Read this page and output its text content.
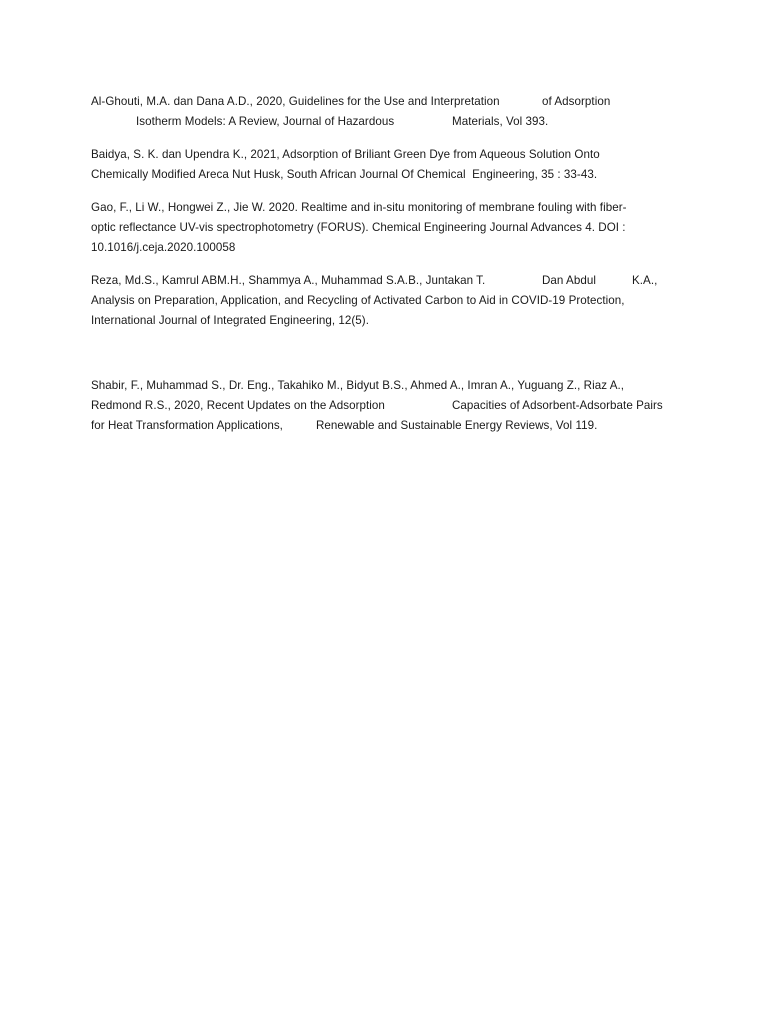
Al-Ghouti, M.A. dan Dana A.D., 2020, Guidelines for the Use and Interpretation

	of Adsorption

Isotherm Models: A Review, Journal of Hazardous

	Materials, Vol 393.

Baidya, S. K. dan Upendra K., 2021, Adsorption of Briliant Green Dye from Aqueous Solution Onto

Chemically Modified Areca Nut Husk, South African Journal Of Chemical  Engineering, 35 : 33-43.

Gao, F., Li W., Hongwei Z., Jie W. 2020. Realtime and in-situ monitoring of membrane fouling with fiber-

optic reflectance UV-vis spectrophotometry (FORUS). Chemical Engineering Journal Advances 4. DOI :

10.1016/j.ceja.2020.100058

Reza, Md.S., Kamrul ABM.H., Shammya A., Muhammad S.A.B., Juntakan T.

	Dan Abdul

	K.A.,

Analysis on Preparation, Application, and Recycling of Activated Carbon to Aid in COVID-19 Protection,

International Journal of Integrated Engineering, 12(5).

Shabir, F., Muhammad S., Dr. Eng., Takahiko M., Bidyut B.S., Ahmed A., Imran A., Yuguang Z., Riaz A.,

Redmond R.S., 2020, Recent Updates on the Adsorption

	Capacities of Adsorbent-Adsorbate Pairs

for Heat Transformation Applications,

	Renewable and Sustainable Energy Reviews, Vol 119.
